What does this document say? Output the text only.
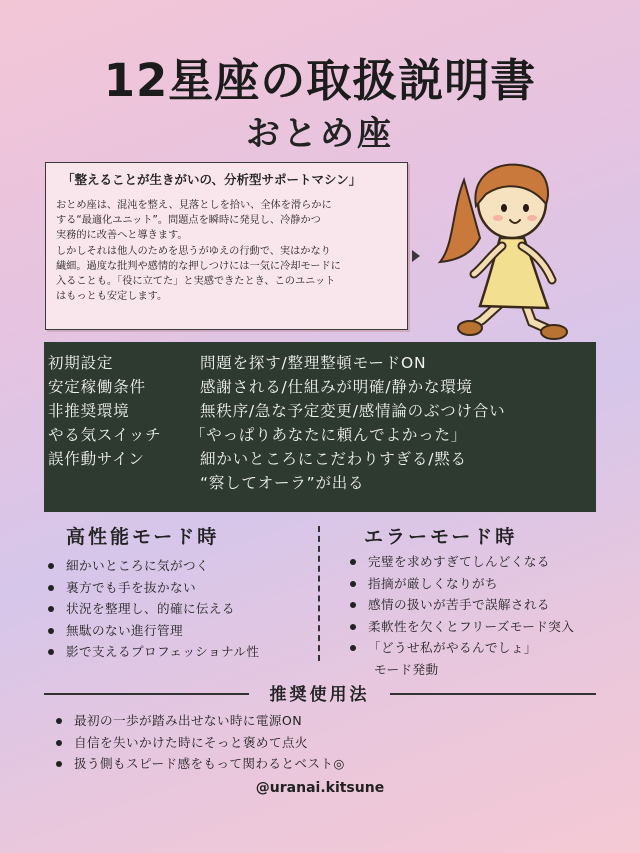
12星座の取扱説明書
おとめ座
「整えることが生きがいの、分析型サポートマシン」

おとめ座は、混沌を整え、見落としを拾い、全体を滑らかに

する“最適化ユニット”。問題点を瞬時に発見し、冷静かつ

実務的に改善へと導きます。

しかしそれは他人のためを思うがゆえの行動で、実はかなり

繊細。過度な批判や感情的な押しつけには一気に冷却モードに

入ることも。「役に立てた」と実感できたとき、このユニット

はもっとも安定します。

初期設定	問題を探す/整理整頓モードON
安定稼働条件	感謝される/仕組みが明確/静かな環境
非推奨環境	無秩序/急な予定変更/感情論のぶつけ合い
やる気スイッチ	「やっぱりあなたに頼んでよかった」
誤作動サイン	細かいところにこだわりすぎる/黙る
“察してオーラ”が出る
高性能モード時
細かいところに気がつく
裏方でも手を抜かない
状況を整理し、的確に伝える
無駄のない進行管理
影で支えるプロフェッショナル性
エラーモード時
完璧を求めすぎてしんどくなる
指摘が厳しくなりがち
感情の扱いが苦手で誤解される
柔軟性を欠くとフリーズモード突入
「どうせ私がやるんでしょ」
モード発動
推奨使用法
最初の一歩が踏み出せない時に電源ON
自信を失いかけた時にそっと褒めて点火
扱う側もスピード感をもって関わるとベスト◎
@uranai.kitsune
